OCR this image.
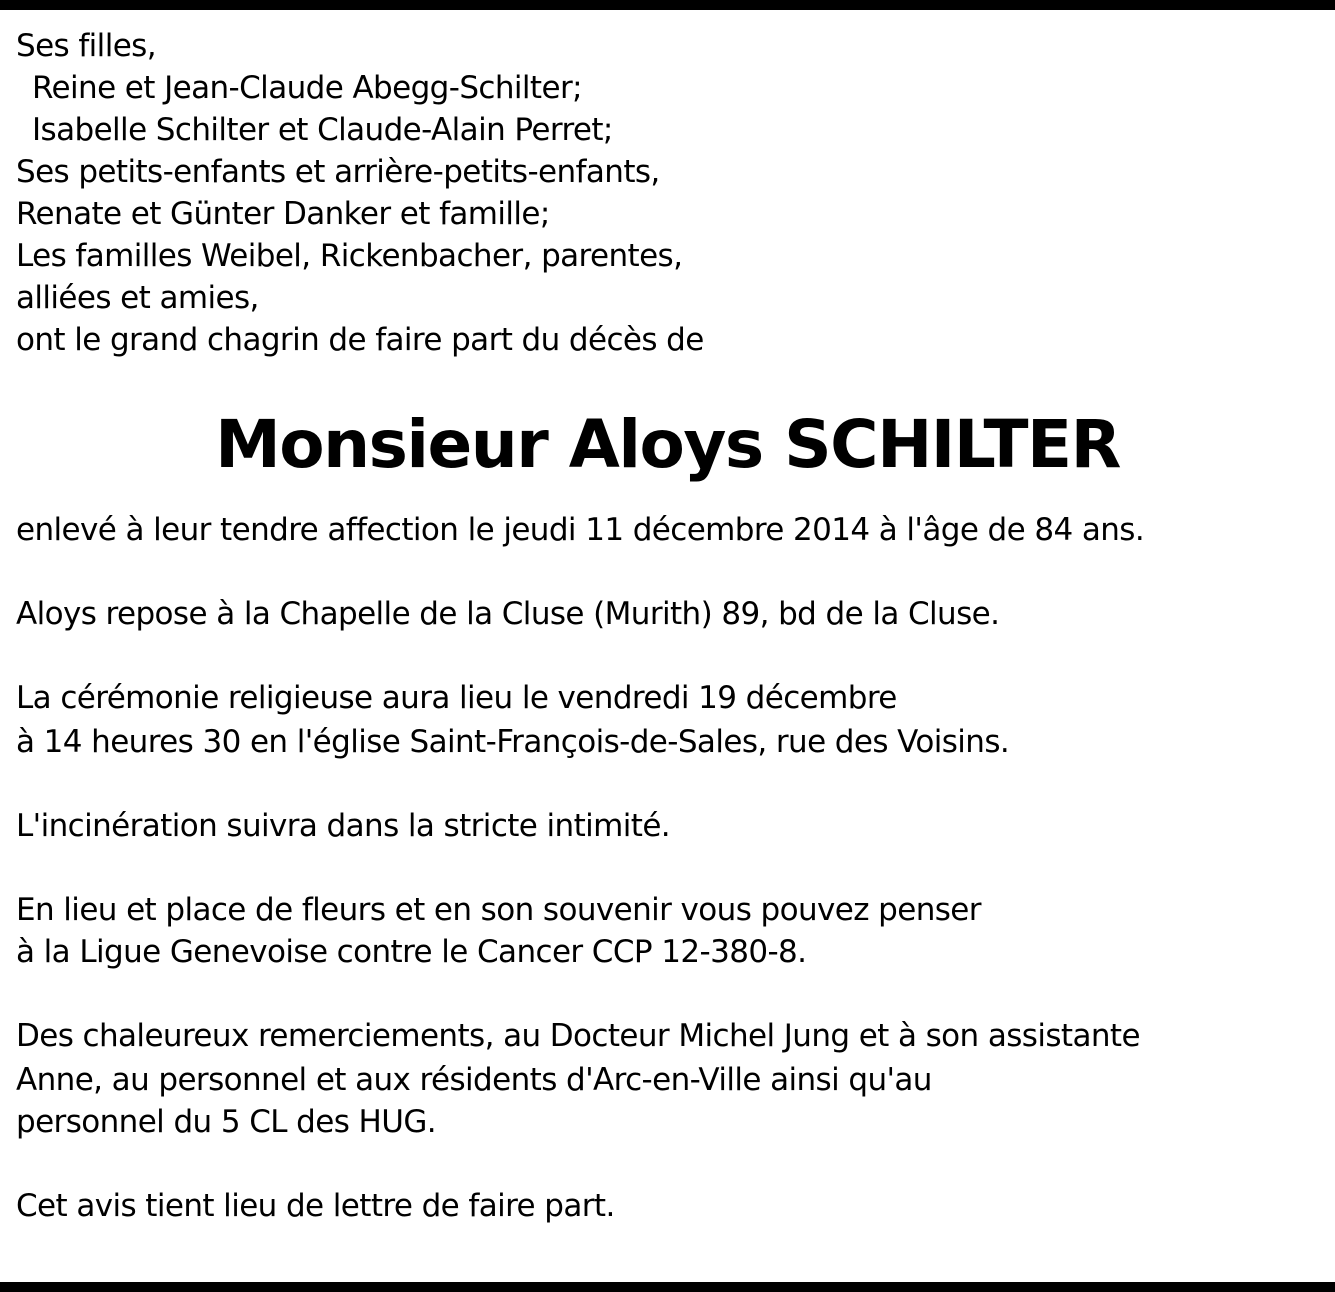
Ses filles,
Reine et Jean-Claude Abegg-Schilter;
Isabelle Schilter et Claude-Alain Perret;
Ses petits-enfants et arrière-petits-enfants,
Renate et Günter Danker et famille;
Les familles Weibel, Rickenbacher, parentes,
alliées et amies,
ont le grand chagrin de faire part du décès de
Monsieur Aloys SCHILTER
enlevé à leur tendre affection le jeudi 11 décembre 2014 à l'âge de 84 ans.
Aloys repose à la Chapelle de la Cluse (Murith) 89, bd de la Cluse.
La cérémonie religieuse aura lieu le vendredi 19 décembre
à 14 heures 30 en l'église Saint-François-de-Sales, rue des Voisins.
L'incinération suivra dans la stricte intimité.
En lieu et place de fleurs et en son souvenir vous pouvez penser
à la Ligue Genevoise contre le Cancer CCP 12-380-8.
Des chaleureux remerciements, au Docteur Michel Jung et à son assistante
Anne, au personnel et aux résidents d'Arc-en-Ville ainsi qu'au
personnel du 5 CL des HUG.
Cet avis tient lieu de lettre de faire part.
